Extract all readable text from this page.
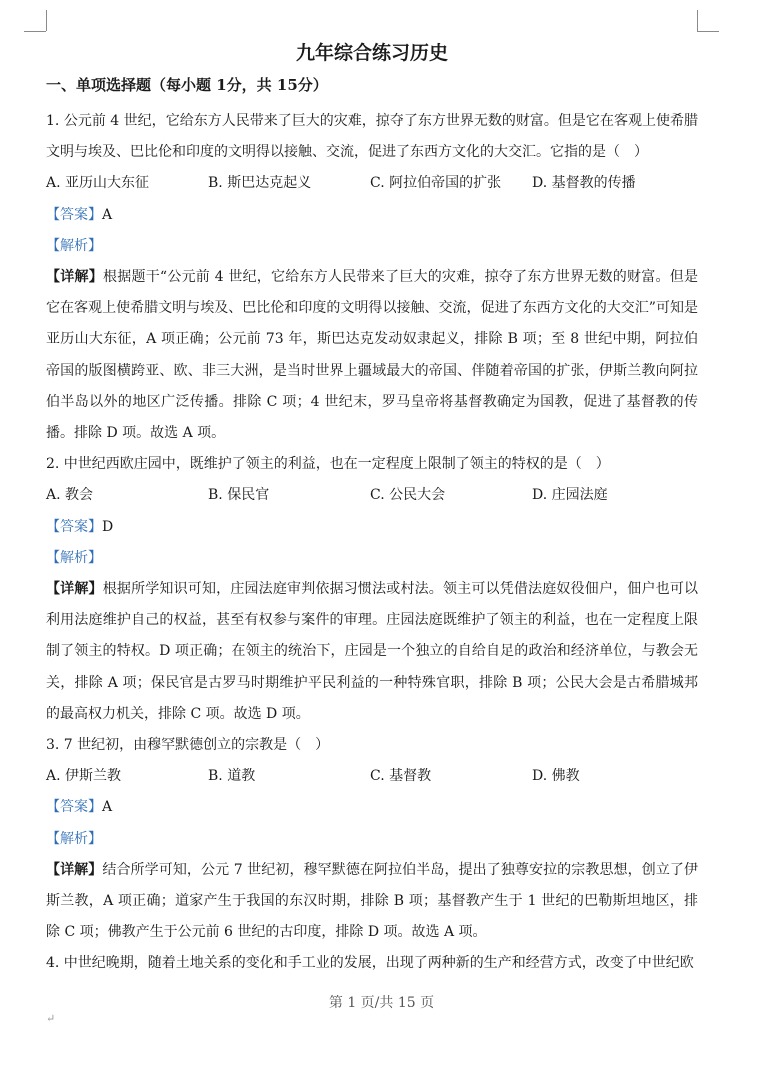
九年综合练习历史
一、单项选择题（每小题 1分，共 15分）
1. 公元前 4 世纪，它给东方人民带来了巨大的灾难，掠夺了东方世界无数的财富。但是它在客观上使希腊文明与埃及、巴比伦和印度的文明得以接触、交流，促进了东西方文化的大交汇。它指的是（　）
A. 亚历山大东征	B. 斯巴达克起义	C. 阿拉伯帝国的扩张	D. 基督教的传播
【答案】A
【解析】
【详解】根据题干“公元前 4 世纪，它给东方人民带来了巨大的灾难，掠夺了东方世界无数的财富。但是它在客观上使希腊文明与埃及、巴比伦和印度的文明得以接触、交流，促进了东西方文化的大交汇”可知是亚历山大东征，A 项正确；公元前 73 年，斯巴达克发动奴隶起义，排除 B 项；至 8 世纪中期，阿拉伯帝国的版图横跨亚、欧、非三大洲，是当时世界上疆域最大的帝国、伴随着帝国的扩张，伊斯兰教向阿拉伯半岛以外的地区广泛传播。排除 C 项；4 世纪末，罗马皇帝将基督教确定为国教，促进了基督教的传播。排除 D 项。故选 A 项。
2. 中世纪西欧庄园中，既维护了领主的利益，也在一定程度上限制了领主的特权的是（　）
A. 教会	B. 保民官	C. 公民大会	D. 庄园法庭
【答案】D
【解析】
【详解】根据所学知识可知，庄园法庭审判依据习惯法或村法。领主可以凭借法庭奴役佃户，佃户也可以利用法庭维护自己的权益，甚至有权参与案件的审理。庄园法庭既维护了领主的利益，也在一定程度上限制了领主的特权。D 项正确；在领主的统治下，庄园是一个独立的自给自足的政治和经济单位，与教会无关，排除 A 项；保民官是古罗马时期维护平民利益的一种特殊官职，排除 B 项；公民大会是古希腊城邦的最高权力机关，排除 C 项。故选 D 项。
3. 7 世纪初，由穆罕默德创立的宗教是（　）
A. 伊斯兰教	B. 道教	C. 基督教	D. 佛教
【答案】A
【解析】
【详解】结合所学可知，公元 7 世纪初，穆罕默德在阿拉伯半岛，提出了独尊安拉的宗教思想，创立了伊斯兰教，A 项正确；道家产生于我国的东汉时期，排除 B 项；基督教产生于 1 世纪的巴勒斯坦地区，排除 C 项；佛教产生于公元前 6 世纪的古印度，排除 D 项。故选 A 项。
4. 中世纪晚期，随着土地关系的变化和手工业的发展，出现了两种新的生产和经营方式，改变了中世纪欧
第 1 页/共 15 页
↵
